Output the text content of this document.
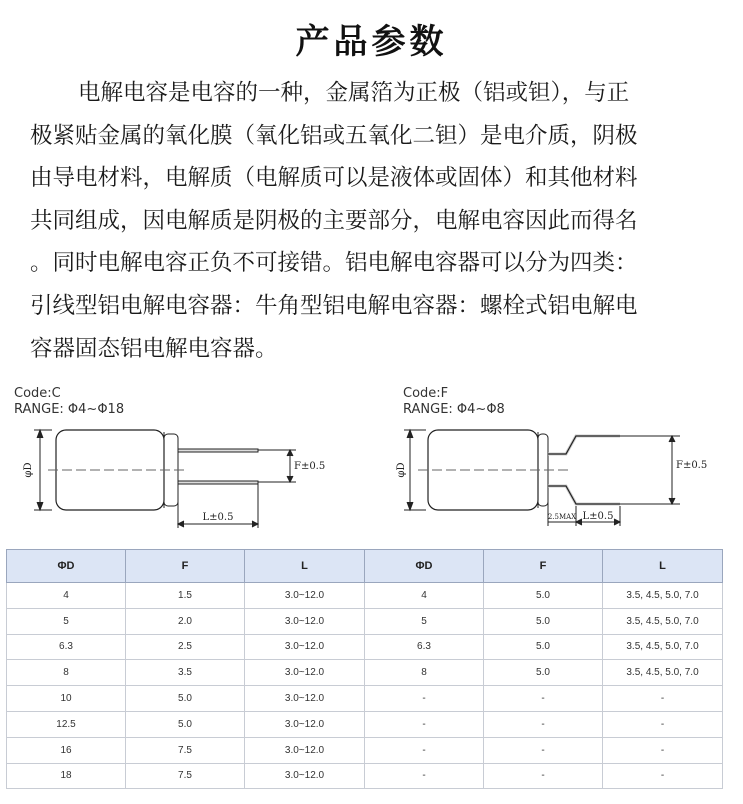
产品参数
电解电容是电容的一种，金属箔为正极（铝或钽），与正
极紧贴金属的氧化膜（氧化铝或五氧化二钽）是电介质，阴极
由导电材料，电解质（电解质可以是液体或固体）和其他材料
共同组成，因电解质是阴极的主要部分，电解电容因此而得名
。同时电解电容正负不可接错。铝电解电容器可以分为四类：
引线型铝电解电容器：牛角型铝电解电容器：螺栓式铝电解电
容器固态铝电解电容器。
Code:C
RANGE: Φ4~Φ18
Code:F
RANGE: Φ4~Φ8
φD	F±0.5
L±0.5
φD	F±0.5
L±0.5
2.5MAX
ΦD	F	L	ΦD	F	L
4	1.5	3.0~12.0	4	5.0	3.5, 4.5, 5.0, 7.0
5	2.0	3.0~12.0	5	5.0	3.5, 4.5, 5.0, 7.0
6.3	2.5	3.0~12.0	6.3	5.0	3.5, 4.5, 5.0, 7.0
8	3.5	3.0~12.0	8	5.0	3.5, 4.5, 5.0, 7.0
10	5.0	3.0~12.0	-	-	-
12.5	5.0	3.0~12.0	-	-	-
16	7.5	3.0~12.0	-	-	-
18	7.5	3.0~12.0	-	-	-
